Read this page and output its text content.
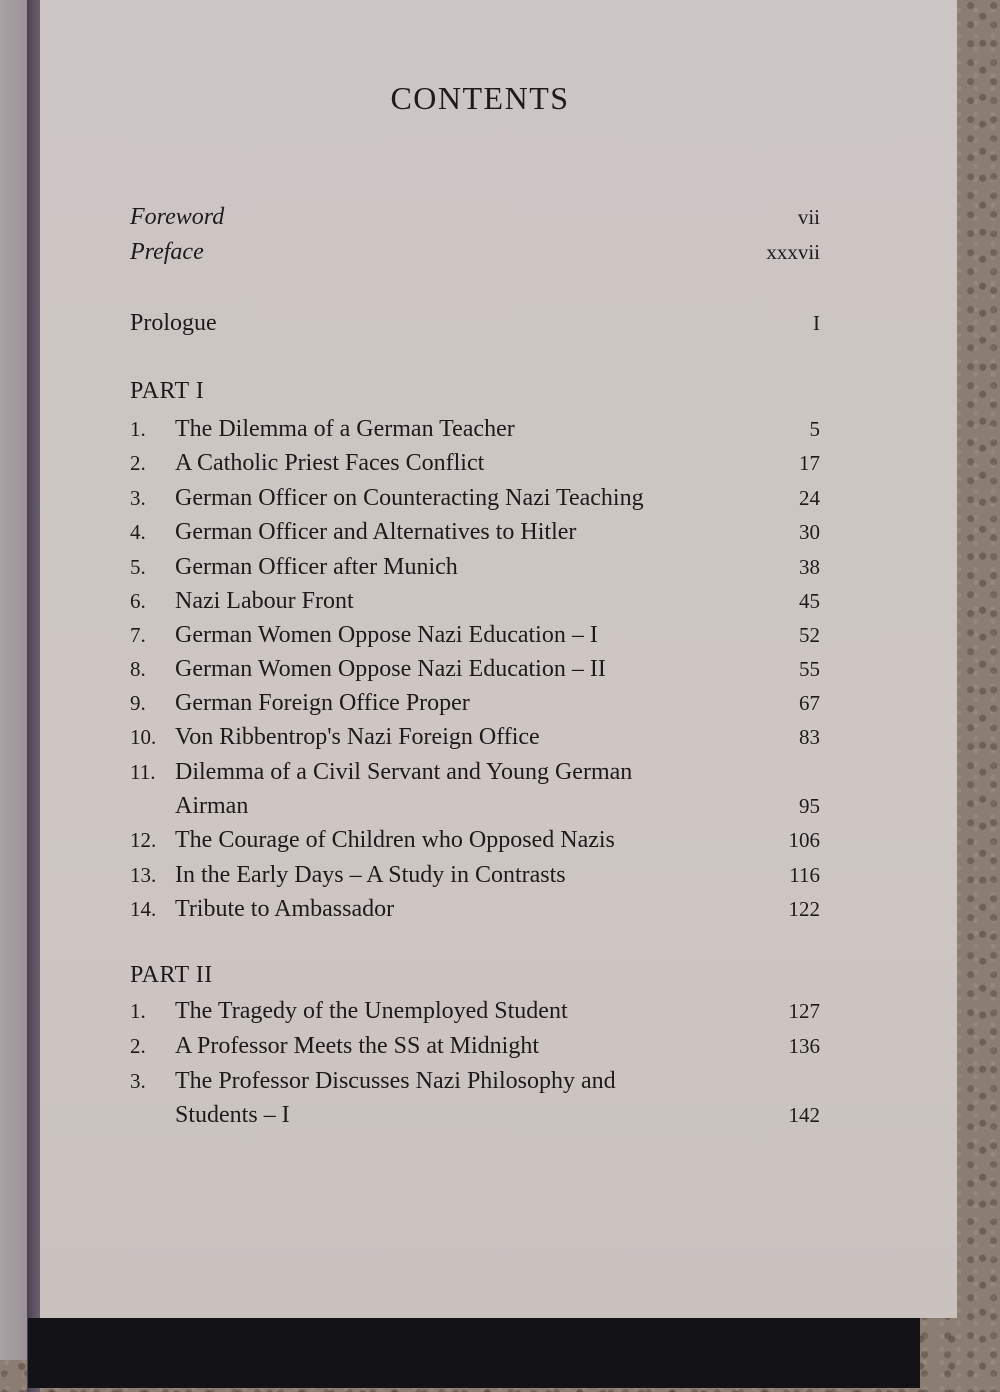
CONTENTS
Foreword	vii
Preface	xxxvii
Prologue	I
PART I
1.	The Dilemma of a German Teacher	5
2.	A Catholic Priest Faces Conflict	17
3.	German Officer on Counteracting Nazi Teaching	24
4.	German Officer and Alternatives to Hitler	30
5.	German Officer after Munich	38
6.	Nazi Labour Front	45
7.	German Women Oppose Nazi Education – I	52
8.	German Women Oppose Nazi Education – II	55
9.	German Foreign Office Proper	67
10. Von Ribbentrop's Nazi Foreign Office	83
11. Dilemma of a Civil Servant and Young German
Airman	95
12. The Courage of Children who Opposed Nazis	106
13. In the Early Days – A Study in Contrasts	116
14. Tribute to Ambassador	122
PART II
1.	The Tragedy of the Unemployed Student	127
2.	A Professor Meets the SS at Midnight	136
3.	The Professor Discusses Nazi Philosophy and
Students – I	142
